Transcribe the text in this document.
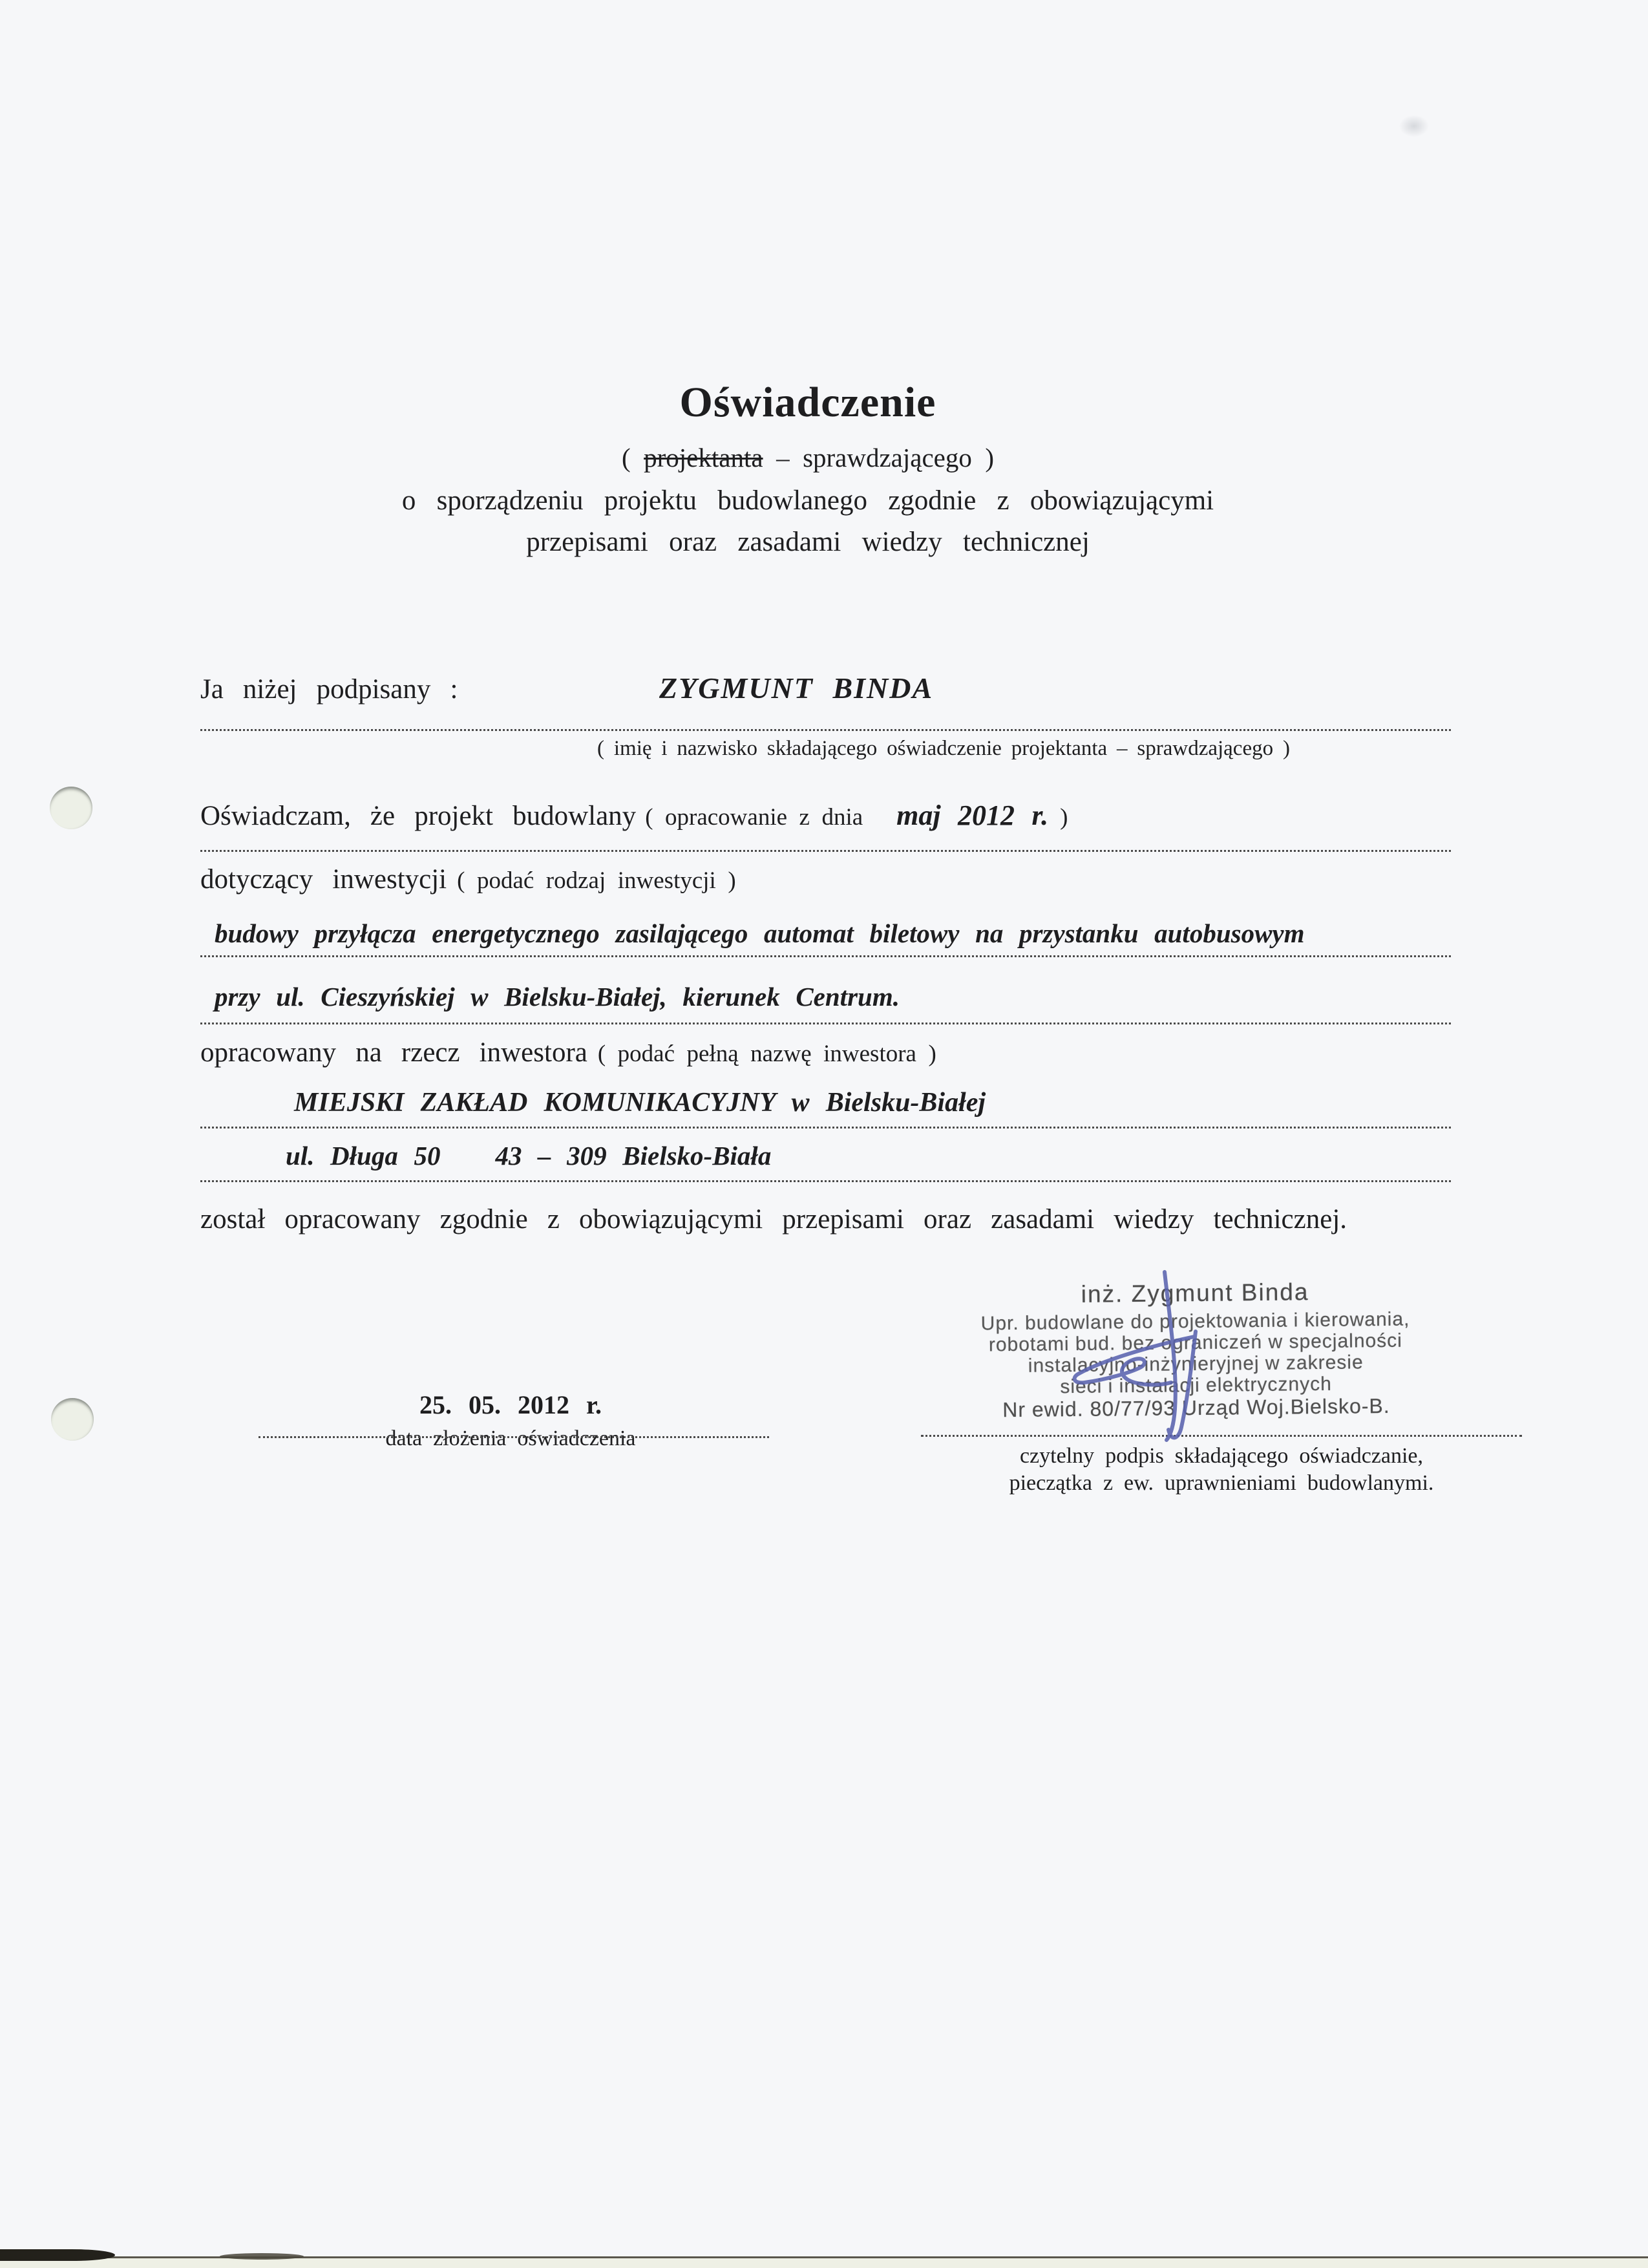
Oświadczenie
( projektanta – sprawdzającego )
o sporządzeniu projektu budowlanego zgodnie z obowiązującymi
przepisami oraz zasadami wiedzy technicznej
Ja niżej podpisany :	ZYGMUNT BINDA
( imię i nazwisko składającego oświadczenie projektanta – sprawdzającego )
Oświadczam, że projekt budowlany ( opracowanie z dnia maj 2012 r. )
dotyczący inwestycji ( podać rodzaj inwestycji )
budowy przyłącza energetycznego zasilającego automat biletowy na przystanku autobusowym
przy ul. Cieszyńskiej w Bielsku-Białej, kierunek Centrum.
opracowany na rzecz inwestora ( podać pełną nazwę inwestora )
MIEJSKI ZAKŁAD KOMUNIKACYJNY w Bielsku-Białej
ul. Długa 50 43 – 309 Bielsko-Biała
został opracowany zgodnie z obowiązującymi przepisami oraz zasadami wiedzy technicznej.
inż. Zygmunt Binda
Upr. budowlane do projektowania i kierowania,
robotami bud. bez ograniczeń w specjalności
instalacyjno-inżynieryjnej w zakresie
sieci i instalacji elektrycznych
Nr ewid. 80/77/93 Urząd Woj.Bielsko-B.
25. 05. 2012 r.
data złożenia oświadczenia
czytelny podpis składającego oświadczanie,
pieczątka z ew. uprawnieniami budowlanymi.
